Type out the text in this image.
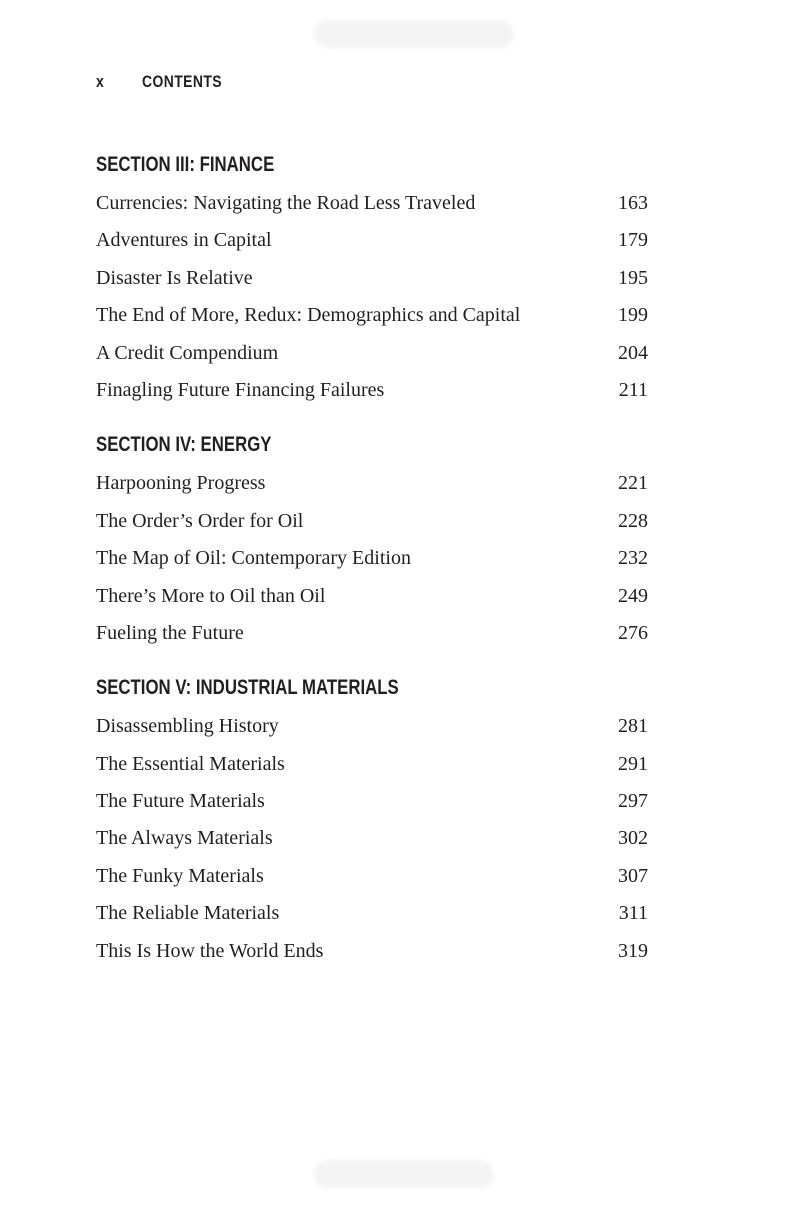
x	CONTENTS
SECTION III: FINANCE
Currencies: Navigating the Road Less Traveled	163
Adventures in Capital	179
Disaster Is Relative	195
The End of More, Redux: Demographics and Capital	199
A Credit Compendium	204
Finagling Future Financing Failures	211
SECTION IV: ENERGY
Harpooning Progress	221
The Order’s Order for Oil	228
The Map of Oil: Contemporary Edition	232
There’s More to Oil than Oil	249
Fueling the Future	276
SECTION V: INDUSTRIAL MATERIALS
Disassembling History	281
The Essential Materials	291
The Future Materials	297
The Always Materials	302
The Funky Materials	307
The Reliable Materials	311
This Is How the World Ends	319
